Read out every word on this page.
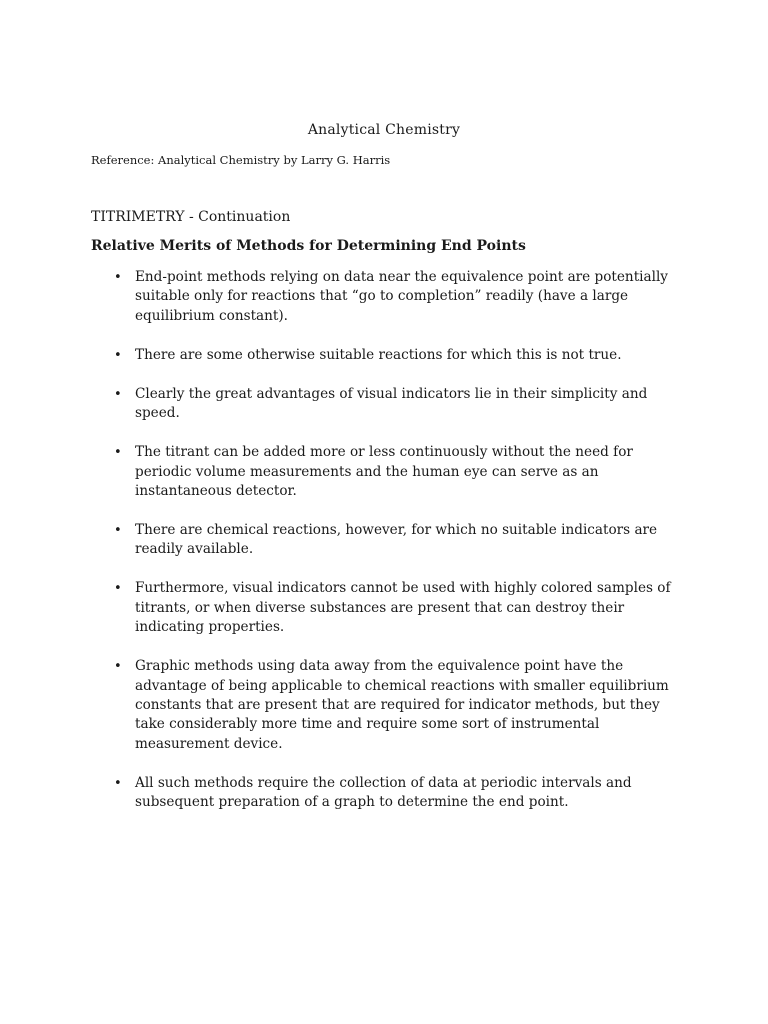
Analytical Chemistry
Reference: Analytical Chemistry by Larry G. Harris
TITRIMETRY - Continuation
Relative Merits of Methods for Determining End Points
• End-point methods relying on data near the equivalence point are potentially suitable only for reactions that “go to completion” readily (have a large equilibrium constant).
• There are some otherwise suitable reactions for which this is not true.
• Clearly the great advantages of visual indicators lie in their simplicity and speed.
• The titrant can be added more or less continuously without the need for periodic volume measurements and the human eye can serve as an instantaneous detector.
• There are chemical reactions, however, for which no suitable indicators are readily available.
• Furthermore, visual indicators cannot be used with highly colored samples of titrants, or when diverse substances are present that can destroy their indicating properties.
• Graphic methods using data away from the equivalence point have the advantage of being applicable to chemical reactions with smaller equilibrium constants that are present that are required for indicator methods, but they take considerably more time and require some sort of instrumental measurement device.
• All such methods require the collection of data at periodic intervals and subsequent preparation of a graph to determine the end point.
